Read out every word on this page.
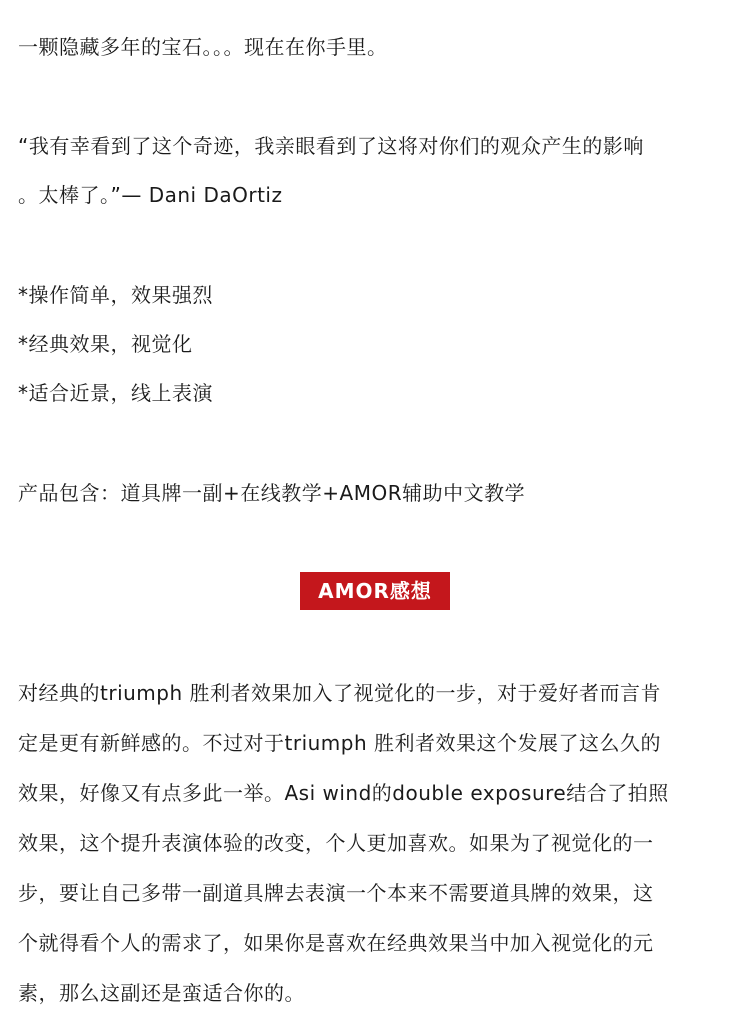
一颗隐藏多年的宝石。。。现在在你手里。
“我有幸看到了这个奇迹，我亲眼看到了这将对你们的观众产生的影响
。太棒了。”— Dani DaOrtiz
*操作简单，效果强烈
*经典效果，视觉化
*适合近景，线上表演
产品包含：道具牌一副+在线教学+AMOR辅助中文教学
AMOR感想
对经典的triumph 胜利者效果加入了视觉化的一步，对于爱好者而言肯
定是更有新鲜感的。不过对于triumph 胜利者效果这个发展了这么久的
效果，好像又有点多此一举。Asi wind的double exposure结合了拍照
效果，这个提升表演体验的改变，个人更加喜欢。如果为了视觉化的一
步，要让自己多带一副道具牌去表演一个本来不需要道具牌的效果，这
个就得看个人的需求了，如果你是喜欢在经典效果当中加入视觉化的元
素，那么这副还是蛮适合你的。
